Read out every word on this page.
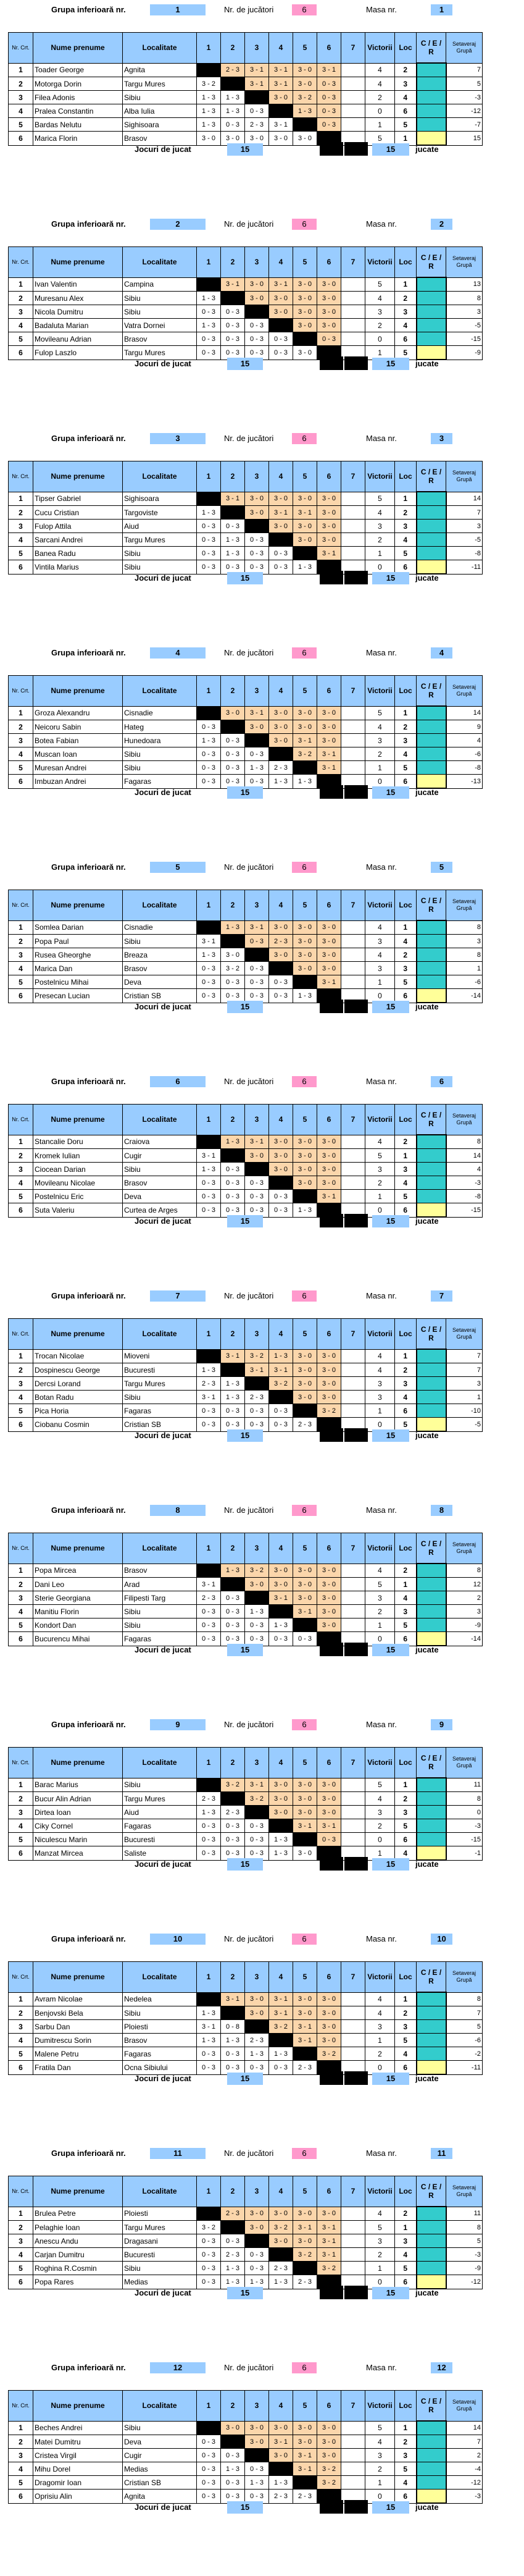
Grupa inferioară nr.	1	Nr. de jucători	6	Masa nr.	1
Nr. Crt.	Nume prenume	Localitate	1	2	3	4	5	6	7	Victorii	Loc	C / E / R	Setaveraj Grupă
1	Toader George	Agnita		2 - 3	3 - 1	3 - 1	3 - 0	3 - 1		4	2		7
2	Motorga Dorin	Targu Mures	3 - 2		3 - 1	3 - 1	3 - 0	0 - 3		4	3		5
3	Filea Adonis	Sibiu	1 - 3	1 - 3		3 - 0	3 - 2	0 - 3		2	4		-3
4	Pralea Constantin	Alba Iulia	1 - 3	1 - 3	0 - 3		1 - 3	0 - 3		0	6		-12
5	Bardas Nelutu	Sighisoara	1 - 3	0 - 3	2 - 3	3 - 1		0 - 3		1	5		-7
6	Marica Florin	Brasov	3 - 0	3 - 0	3 - 0	3 - 0	3 - 0			5	1		15
Jocuri de jucat	15	15	jucate
Grupa inferioară nr.	2	Nr. de jucători	6	Masa nr.	2
Nr. Crt.	Nume prenume	Localitate	1	2	3	4	5	6	7	Victorii	Loc	C / E / R	Setaveraj Grupă
1	Ivan Valentin	Campina		3 - 1	3 - 0	3 - 1	3 - 0	3 - 0		5	1		13
2	Muresanu Alex	Sibiu	1 - 3		3 - 0	3 - 0	3 - 0	3 - 0		4	2		8
3	Nicola Dumitru	Sibiu	0 - 3	0 - 3		3 - 0	3 - 0	3 - 0		3	3		3
4	Badaluta Marian	Vatra Dornei	1 - 3	0 - 3	0 - 3		3 - 0	3 - 0		2	4		-5
5	Movileanu Adrian	Brasov	0 - 3	0 - 3	0 - 3	0 - 3		0 - 3		0	6		-15
6	Fulop Laszlo	Targu Mures	0 - 3	0 - 3	0 - 3	0 - 3	3 - 0			1	5		-9
Jocuri de jucat	15	15	jucate
Grupa inferioară nr.	3	Nr. de jucători	6	Masa nr.	3
Nr. Crt.	Nume prenume	Localitate	1	2	3	4	5	6	7	Victorii	Loc	C / E / R	Setaveraj Grupă
1	Tipser Gabriel	Sighisoara		3 - 1	3 - 0	3 - 0	3 - 0	3 - 0		5	1		14
2	Cucu Cristian	Targoviste	1 - 3		3 - 0	3 - 1	3 - 1	3 - 0		4	2		7
3	Fulop Attila	Aiud	0 - 3	0 - 3		3 - 0	3 - 0	3 - 0		3	3		3
4	Sarcani Andrei	Targu Mures	0 - 3	1 - 3	0 - 3		3 - 0	3 - 0		2	4		-5
5	Banea Radu	Sibiu	0 - 3	1 - 3	0 - 3	0 - 3		3 - 1		1	5		-8
6	Vintila Marius	Sibiu	0 - 3	0 - 3	0 - 3	0 - 3	1 - 3			0	6		-11
Jocuri de jucat	15	15	jucate
Grupa inferioară nr.	4	Nr. de jucători	6	Masa nr.	4
Nr. Crt.	Nume prenume	Localitate	1	2	3	4	5	6	7	Victorii	Loc	C / E / R	Setaveraj Grupă
1	Groza Alexandru	Cisnadie		3 - 0	3 - 1	3 - 0	3 - 0	3 - 0		5	1		14
2	Neicoru Sabin	Hateg	0 - 3		3 - 0	3 - 0	3 - 0	3 - 0		4	2		9
3	Botea Fabian	Hunedoara	1 - 3	0 - 3		3 - 0	3 - 1	3 - 0		3	3		4
4	Muscan Ioan	Sibiu	0 - 3	0 - 3	0 - 3		3 - 2	3 - 1		2	4		-6
5	Muresan Andrei	Sibiu	0 - 3	0 - 3	1 - 3	2 - 3		3 - 1		1	5		-8
6	Imbuzan Andrei	Fagaras	0 - 3	0 - 3	0 - 3	1 - 3	1 - 3			0	6		-13
Jocuri de jucat	15	15	jucate
Grupa inferioară nr.	5	Nr. de jucători	6	Masa nr.	5
Nr. Crt.	Nume prenume	Localitate	1	2	3	4	5	6	7	Victorii	Loc	C / E / R	Setaveraj Grupă
1	Somlea Darian	Cisnadie		1 - 3	3 - 1	3 - 0	3 - 0	3 - 0		4	1		8
2	Popa Paul	Sibiu	3 - 1		0 - 3	2 - 3	3 - 0	3 - 0		3	4		3
3	Rusea Gheorghe	Breaza	1 - 3	3 - 0		3 - 0	3 - 0	3 - 0		4	2		8
4	Marica Dan	Brasov	0 - 3	3 - 2	0 - 3		3 - 0	3 - 0		3	3		1
5	Postelnicu Mihai	Deva	0 - 3	0 - 3	0 - 3	0 - 3		3 - 1		1	5		-6
6	Presecan Lucian	Cristian SB	0 - 3	0 - 3	0 - 3	0 - 3	1 - 3			0	6		-14
Jocuri de jucat	15	15	jucate
Grupa inferioară nr.	6	Nr. de jucători	6	Masa nr.	6
Nr. Crt.	Nume prenume	Localitate	1	2	3	4	5	6	7	Victorii	Loc	C / E / R	Setaveraj Grupă
1	Stancalie Doru	Craiova		1 - 3	3 - 1	3 - 0	3 - 0	3 - 0		4	2		8
2	Kromek Iulian	Cugir	3 - 1		3 - 0	3 - 0	3 - 0	3 - 0		5	1		14
3	Ciocean Darian	Sibiu	1 - 3	0 - 3		3 - 0	3 - 0	3 - 0		3	3		4
4	Movileanu Nicolae	Brasov	0 - 3	0 - 3	0 - 3		3 - 0	3 - 0		2	4		-3
5	Postelnicu Eric	Deva	0 - 3	0 - 3	0 - 3	0 - 3		3 - 1		1	5		-8
6	Suta Valeriu	Curtea de Arges	0 - 3	0 - 3	0 - 3	0 - 3	1 - 3			0	6		-15
Jocuri de jucat	15	15	jucate
Grupa inferioară nr.	7	Nr. de jucători	6	Masa nr.	7
Nr. Crt.	Nume prenume	Localitate	1	2	3	4	5	6	7	Victorii	Loc	C / E / R	Setaveraj Grupă
1	Trocan Nicolae	Mioveni		3 - 1	3 - 2	1 - 3	3 - 0	3 - 0		4	1		7
2	Dospinescu George	Bucuresti	1 - 3		3 - 1	3 - 1	3 - 0	3 - 0		4	2		7
3	Dercsi Lorand	Targu Mures	2 - 3	1 - 3		3 - 2	3 - 0	3 - 0		3	3		3
4	Botan Radu	Sibiu	3 - 1	1 - 3	2 - 3		3 - 0	3 - 0		3	4		1
5	Pica Horia	Fagaras	0 - 3	0 - 3	0 - 3	0 - 3		3 - 2		1	6		-10
6	Ciobanu Cosmin	Cristian SB	0 - 3	0 - 3	0 - 3	0 - 3	2 - 3			0	5		-5
Jocuri de jucat	15	15	jucate
Grupa inferioară nr.	8	Nr. de jucători	6	Masa nr.	8
Nr. Crt.	Nume prenume	Localitate	1	2	3	4	5	6	7	Victorii	Loc	C / E / R	Setaveraj Grupă
1	Popa Mircea	Brasov		1 - 3	3 - 2	3 - 0	3 - 0	3 - 0		4	2		8
2	Dani Leo	Arad	3 - 1		3 - 0	3 - 0	3 - 0	3 - 0		5	1		12
3	Sterie Georgiana	Filipesti Targ	2 - 3	0 - 3		3 - 1	3 - 0	3 - 0		3	4		2
4	Manitiu Florin	Sibiu	0 - 3	0 - 3	1 - 3		3 - 1	3 - 0		2	3		3
5	Kondort Dan	Sibiu	0 - 3	0 - 3	0 - 3	1 - 3		3 - 0		1	5		-9
6	Bucurencu Mihai	Fagaras	0 - 3	0 - 3	0 - 3	0 - 3	0 - 3			0	6		-14
Jocuri de jucat	15	15	jucate
Grupa inferioară nr.	9	Nr. de jucători	6	Masa nr.	9
Nr. Crt.	Nume prenume	Localitate	1	2	3	4	5	6	7	Victorii	Loc	C / E / R	Setaveraj Grupă
1	Barac Marius	Sibiu		3 - 2	3 - 1	3 - 0	3 - 0	3 - 0		5	1		11
2	Bucur Alin Adrian	Targu Mures	2 - 3		3 - 2	3 - 0	3 - 0	3 - 0		4	2		8
3	Dirtea Ioan	Aiud	1 - 3	2 - 3		3 - 0	3 - 0	3 - 0		3	3		0
4	Ciky Cornel	Fagaras	0 - 3	0 - 3	0 - 3		3 - 1	3 - 1		2	5		-3
5	Niculescu Marin	Bucuresti	0 - 3	0 - 3	0 - 3	1 - 3		0 - 3		0	6		-15
6	Manzat Mircea	Saliste	0 - 3	0 - 3	0 - 3	1 - 3	3 - 0			1	4		-1
Jocuri de jucat	15	15	jucate
Grupa inferioară nr.	10	Nr. de jucători	6	Masa nr.	10
Nr. Crt.	Nume prenume	Localitate	1	2	3	4	5	6	7	Victorii	Loc	C / E / R	Setaveraj Grupă
1	Avram Nicolae	Nedelea		3 - 1	3 - 0	3 - 1	3 - 0	3 - 0		4	1		8
2	Benjovski Bela	Sibiu	1 - 3		3 - 0	3 - 1	3 - 0	3 - 0		4	2		7
3	Sarbu Dan	Ploiesti	3 - 1	0 - 8		3 - 2	3 - 1	3 - 0		3	3		5
4	Dumitrescu Sorin	Brasov	1 - 3	1 - 3	2 - 3		3 - 1	3 - 0		1	5		-6
5	Malene Petru	Fagaras	0 - 3	0 - 3	1 - 3	1 - 3		3 - 2		2	4		-2
6	Fratila Dan	Ocna Sibiului	0 - 3	0 - 3	0 - 3	0 - 3	2 - 3			0	6		-11
Jocuri de jucat	15	15	jucate
Grupa inferioară nr.	11	Nr. de jucători	6	Masa nr.	11
Nr. Crt.	Nume prenume	Localitate	1	2	3	4	5	6	7	Victorii	Loc	C / E / R	Setaveraj Grupă
1	Brulea Petre	Ploiesti		2 - 3	3 - 0	3 - 0	3 - 0	3 - 0		4	2		11
2	Pelaghie Ioan	Targu Mures	3 - 2		3 - 0	3 - 2	3 - 1	3 - 1		5	1		8
3	Anescu Andu	Dragasani	0 - 3	0 - 3		3 - 0	3 - 0	3 - 1		3	3		5
4	Carjan Dumitru	Bucuresti	0 - 3	2 - 3	0 - 3		3 - 2	3 - 1		2	4		-3
5	Roghina R.Cosmin	Sibiu	0 - 3	1 - 3	0 - 3	2 - 3		3 - 2		1	5		-9
6	Popa Rares	Medias	0 - 3	1 - 3	1 - 3	1 - 3	2 - 3			0	6		-12
Jocuri de jucat	15	15	jucate
Grupa inferioară nr.	12	Nr. de jucători	6	Masa nr.	12
Nr. Crt.	Nume prenume	Localitate	1	2	3	4	5	6	7	Victorii	Loc	C / E / R	Setaveraj Grupă
1	Beches Andrei	Sibiu		3 - 0	3 - 0	3 - 0	3 - 0	3 - 0		5	1		14
2	Matei Dumitru	Deva	0 - 3		3 - 0	3 - 1	3 - 0	3 - 0		4	2		7
3	Cristea Virgil	Cugir	0 - 3	0 - 3		3 - 0	3 - 1	3 - 0		3	3		2
4	Mihu Dorel	Medias	0 - 3	1 - 3	0 - 3		3 - 1	3 - 2		2	5		-4
5	Dragomir Ioan	Cristian SB	0 - 3	0 - 3	1 - 3	1 - 3		3 - 2		1	4		-12
6	Oprisiu Alin	Agnita	0 - 3	0 - 3	0 - 3	2 - 3	2 - 3			0	6		-3
Jocuri de jucat	15	15	jucate
